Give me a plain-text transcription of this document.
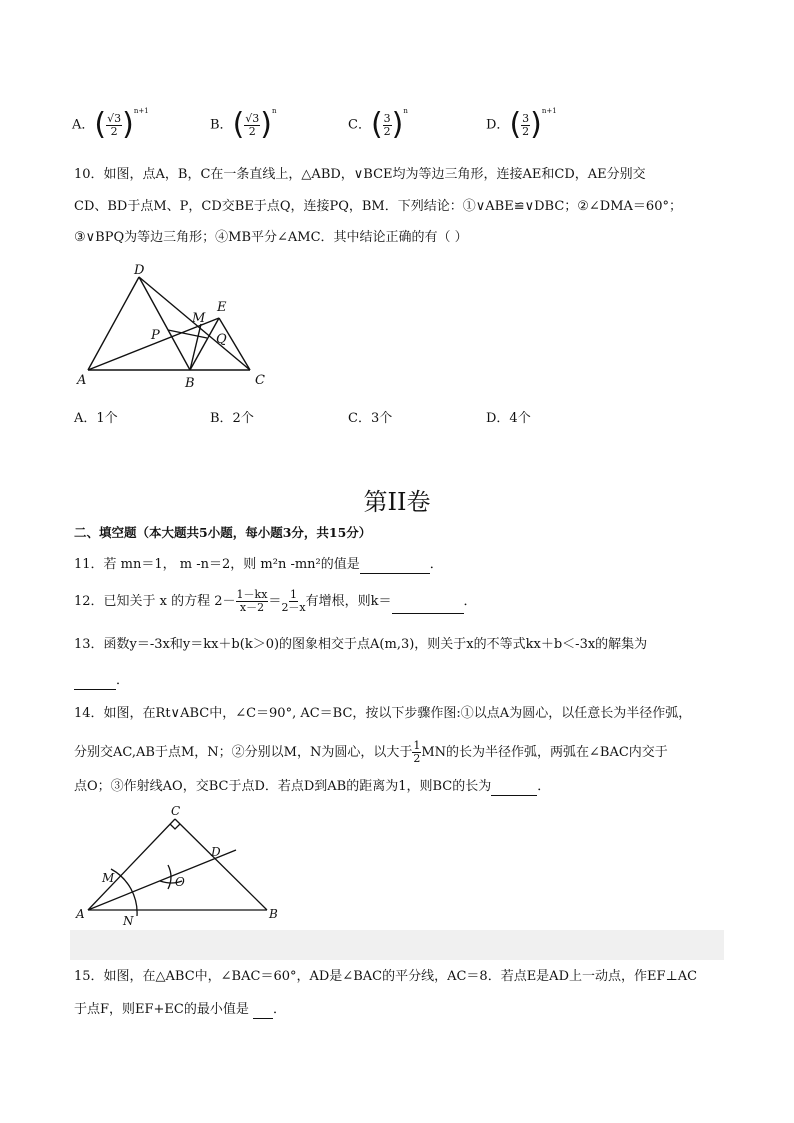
A．( $\frac{√3}{2} )^{n+1}$
B．( $\frac{√3}{2} )^n$
C．( $\frac{3}{2} )^n$
D．( $\frac{3}{2} )^{n+1}$
10．如图，点A，B，C在一条直线上，△ABD，∨BCE均为等边三角形，连接AE和CD，AE分别交
CD、BD于点M、P，CD交BE于点Q，连接PQ，BM．下列结论：①∨ABE≌∨DBC；②∠DMA＝60°；
③∨BPQ为等边三角形；④MB平分∠AMC．其中结论正确的有（ ）
D
E
M
P	Q
A	B	C
A．1个	B．2个	C．3个	D．4个
第II卷
二、填空题（本大题共5小题，每小题3分，共15分）
11．若 mn＝1， m -n＝2，则 m²n -mn²的值是	．
12．已知关于 x 的方程 $2- \frac{1-kx}{x-2} = \frac{1}{2-x}$ 有增根，则k＝	．
13．函数y＝-3x和y＝kx＋b(k＞0)的图象相交于点A(m,3)，则关于x的不等式kx＋b＜-3x的解集为
．
14．如图，在Rt∨ABC中，∠C＝90°, AC＝BC，按以下步骤作图:①以点A为圆心，以任意长为半径作弧，
分别交AC,AB于点M，N；②分别以M，N为圆心，以大于 $\frac{1}{2}$ MN的长为半径作弧，两弧在∠BAC内交于
点O；③作射线AO，交BC于点D．若点D到AB的距离为1，则BC的长为	．
C
D
M	O
A	N	B
15．如图，在△ABC中，∠BAC＝60°，AD是∠BAC的平分线，AC＝8．若点E是AD上一动点，作EF⊥AC
于点F，则EF+EC的最小值是 ．
